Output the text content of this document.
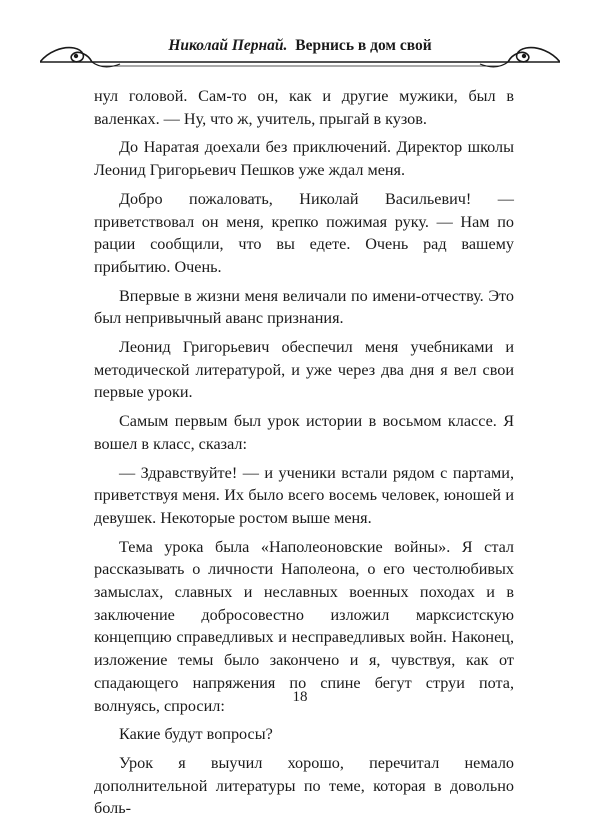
Николай Пернай. Вернись в дом свой

нул головой. Сам-то он, как и другие мужики, был в валенках. — Ну, что ж, учитель, прыгай в кузов.

До Наратая доехали без приключений. Директор школы Леонид Григорьевич Пешков уже ждал меня.

Добро пожаловать, Николай Васильевич! — приветствовал он меня, крепко пожимая руку. — Нам по рации сообщили, что вы едете. Очень рад вашему прибытию. Очень.

Впервые в жизни меня величали по имени-отчеству. Это был непривычный аванс признания.

Леонид Григорьевич обеспечил меня учебниками и методической литературой, и уже через два дня я вел свои первые уроки.

Самым первым был урок истории в восьмом классе. Я вошел в класс, сказал:

— Здравствуйте! — и ученики встали рядом с партами, приветствуя меня. Их было всего восемь человек, юношей и девушек. Некоторые ростом выше меня.

Тема урока была «Наполеоновские войны». Я стал рассказывать о личности Наполеона, о его честолюбивых замыслах, славных и неславных военных походах и в заключение добросовестно изложил марксистскую концепцию справедливых и несправедливых войн. Наконец, изложение темы было закончено и я, чувствуя, как от спадающего напряжения по спине бегут струи пота, волнуясь, спросил:

Какие будут вопросы?

Урок я выучил хорошо, перечитал немало дополнительной литературы по теме, которая в довольно боль-

18
